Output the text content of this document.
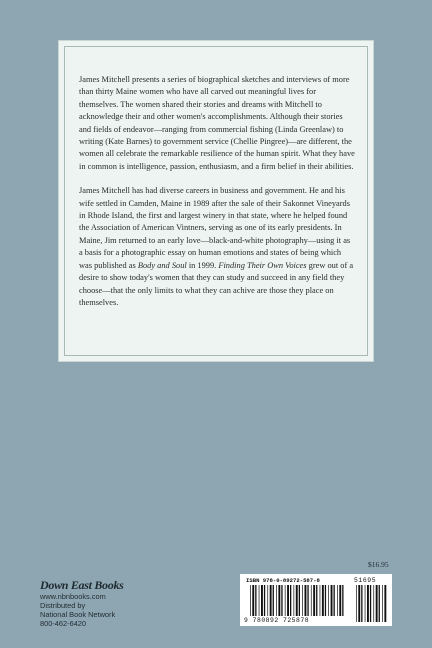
James Mitchell presents a series of biographical sketches and interviews of more than thirty Maine women who have all carved out meaningful lives for themselves. The women shared their stories and dreams with Mitchell to acknowledge their and other women's accomplishments. Although their stories and fields of endeavor—ranging from commercial fishing (Linda Greenlaw) to writing (Kate Barnes) to government service (Chellie Pingree)—are different, the women all celebrate the remarkable resilience of the human spirit. What they have in common is intelligence, passion, enthusiasm, and a firm belief in their abilities.

James Mitchell has had diverse careers in business and government. He and his wife settled in Camden, Maine in 1989 after the sale of their Sakonnet Vineyards in Rhode Island, the first and largest winery in that state, where he helped found the Association of American Vintners, serving as one of its early presidents. In Maine, Jim returned to an early love—black-and-white photography—using it as a basis for a photographic essay on human emotions and states of being which was published as Body and Soul in 1999. Finding Their Own Voices grew out of a desire to show today's women that they can study and succeed in any field they choose—that the only limits to what they can achive are those they place on themselves.

Down East Books
www.nbnbooks.com
Distributed by
National Book Network
800-462-6420
$16.95
ISBN 978-0-89272-587-8
9 780892 725878
51695
